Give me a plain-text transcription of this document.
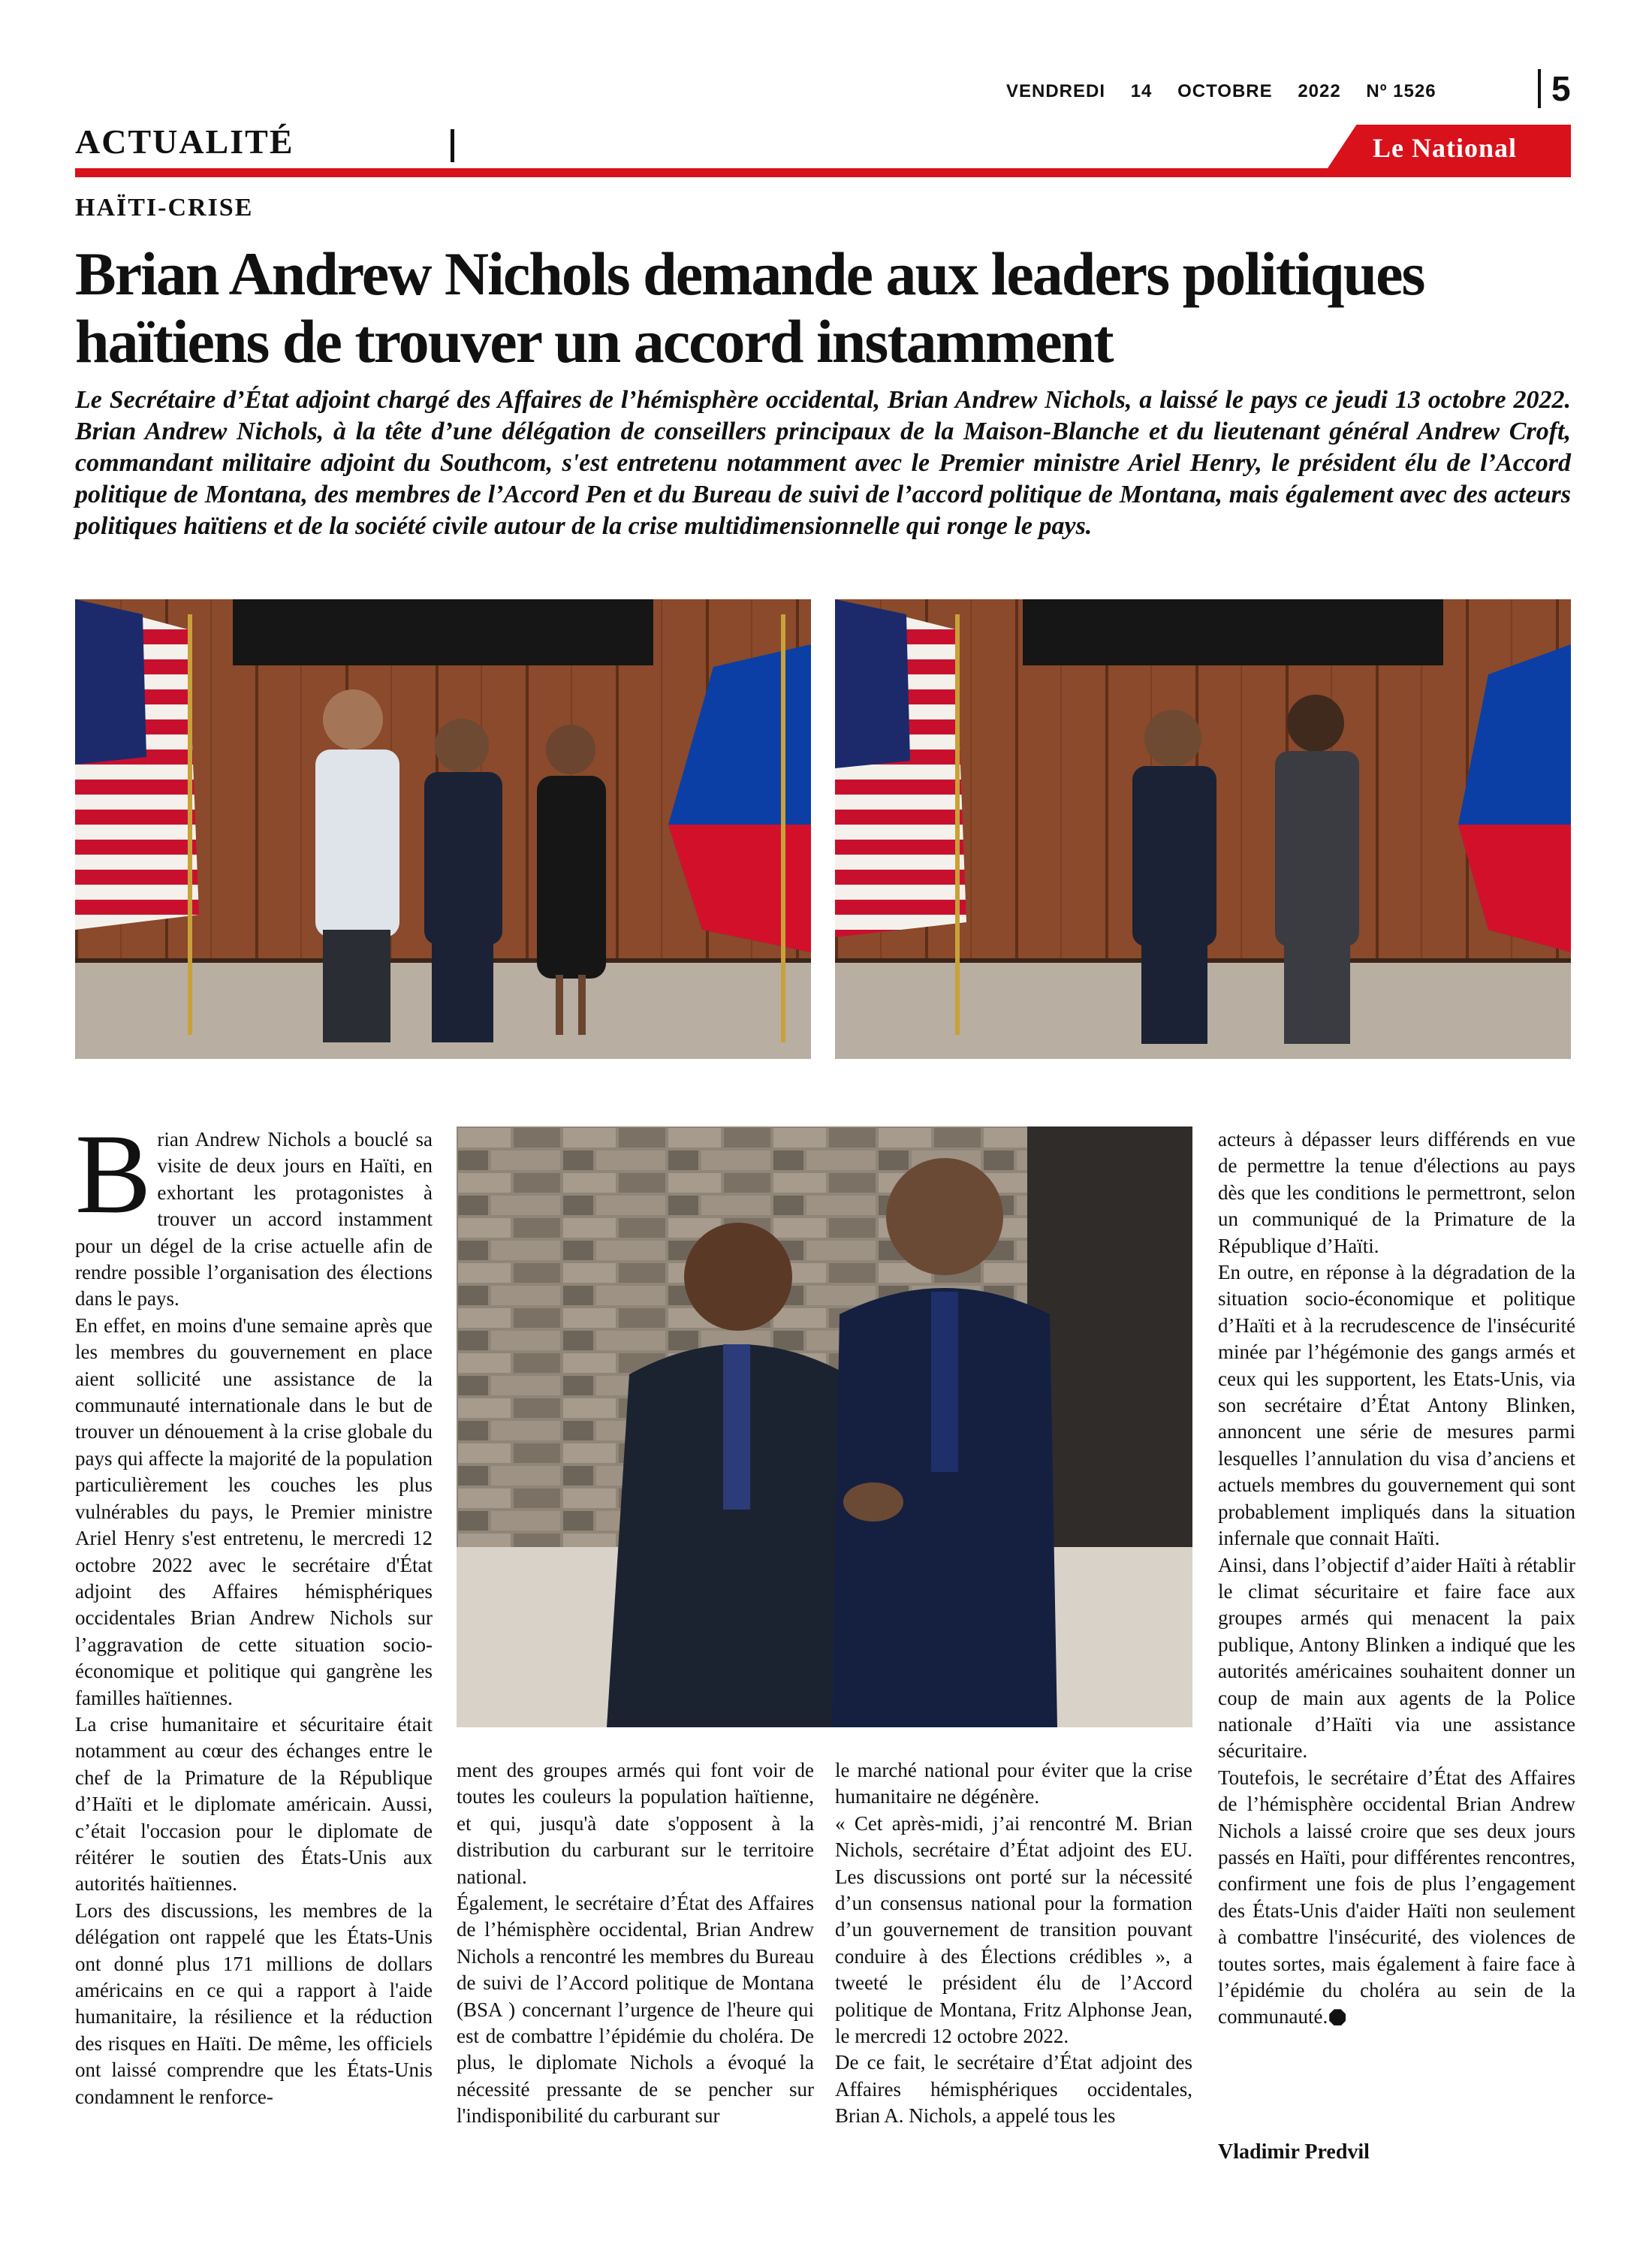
VENDREDI 14 OCTOBRE 2022 Nº 1526	5
ACTUALITÉ	Le National
HAÏTI-CRISE
Brian Andrew Nichols demande aux leaders politiques
haïtiens de trouver un accord instamment
Le Secrétaire d’État adjoint chargé des Affaires de l’hémisphère occidental, Brian Andrew Nichols, a laissé le pays ce jeudi 13 octobre 2022. Brian Andrew Nichols, à la tête d’une délégation de conseillers principaux de la Maison-Blanche et du lieutenant général Andrew Croft, commandant militaire adjoint du Southcom, s'est entretenu notamment avec le Premier ministre Ariel Henry, le président élu de l’Accord politique de Montana, des membres de l’Accord Pen et du Bureau de suivi de l’accord politique de Montana, mais également avec des acteurs politiques haïtiens et de la société civile autour de la crise multidimensionnelle qui ronge le pays.

Brian Andrew Nichols a bouclé sa visite de deux jours en Haïti, en exhortant les protagonistes à trouver un accord instamment pour un dégel de la crise actuelle afin de rendre possible l’organisation des élections dans le pays.

En effet, en moins d'une semaine après que les membres du gouvernement en place aient sollicité une assistance de la communauté internationale dans le but de trouver un dénouement à la crise globale du pays qui affecte la majorité de la population particulièrement les couches les plus vulnérables du pays, le Premier ministre Ariel Henry s'est entretenu, le mercredi 12 octobre 2022 avec le secrétaire d'État adjoint des Affaires hémisphériques occidentales Brian Andrew Nichols sur l’aggravation de cette situation socio-économique et politique qui gangrène les familles haïtiennes.

La crise humanitaire et sécuritaire était notamment au cœur des échanges entre le chef de la Primature de la République d’Haïti et le diplomate américain. Aussi, c’était l'occasion pour le diplomate de réitérer le soutien des États-Unis aux autorités haïtiennes.

Lors des discussions, les membres de la délégation ont rappelé que les États-Unis ont donné plus 171 millions de dollars américains en ce qui a rapport à l'aide humanitaire, la résilience et la réduction des risques en Haïti. De même, les officiels ont laissé comprendre que les États-Unis condamnent le renforce-

ment des groupes armés qui font voir de toutes les couleurs la population haïtienne, et qui, jusqu'à date s'opposent à la distribution du carburant sur le territoire national.

Également, le secrétaire d’État des Affaires de l’hémisphère occidental, Brian Andrew Nichols a rencontré les membres du Bureau de suivi de l’Accord politique de Montana (BSA ) concernant l’urgence de l'heure qui est de combattre l’épidémie du choléra. De plus, le diplomate Nichols a évoqué la nécessité pressante de se pencher sur l'indisponibilité du carburant sur

le marché national pour éviter que la crise humanitaire ne dégénère.

« Cet après-midi, j’ai rencontré M. Brian Nichols, secrétaire d’État adjoint des EU. Les discussions ont porté sur la nécessité d’un consensus national pour la formation d’un gouvernement de transition pouvant conduire à des Élections crédibles », a tweeté le président élu de l’Accord politique de Montana, Fritz Alphonse Jean, le mercredi 12 octobre 2022.

De ce fait, le secrétaire d’État adjoint des Affaires hémisphériques occidentales, Brian A. Nichols, a appelé tous les

acteurs à dépasser leurs différends en vue de permettre la tenue d'élections au pays dès que les conditions le permettront, selon un communiqué de la Primature de la République d’Haïti.

En outre, en réponse à la dégradation de la situation socio-économique et politique d’Haïti et à la recrudescence de l'insécurité minée par l’hégémonie des gangs armés et ceux qui les supportent, les Etats-Unis, via son secrétaire d’État Antony Blinken, annoncent une série de mesures parmi lesquelles l’annulation du visa d’anciens et actuels membres du gouvernement qui sont probablement impliqués dans la situation infernale que connait Haïti.

Ainsi, dans l’objectif d’aider Haïti à rétablir le climat sécuritaire et faire face aux groupes armés qui menacent la paix publique, Antony Blinken a indiqué que les autorités américaines souhaitent donner un coup de main aux agents de la Police nationale d’Haïti via une assistance sécuritaire.

Toutefois, le secrétaire d’État des Affaires de l’hémisphère occidental Brian Andrew Nichols a laissé croire que ses deux jours passés en Haïti, pour différentes rencontres, confirment une fois de plus l’engagement des États-Unis d'aider Haïti non seulement à combattre l'insécurité, des violences de toutes sortes, mais également à faire face à l’épidémie du choléra au sein de la communauté.

Vladimir Predvil
